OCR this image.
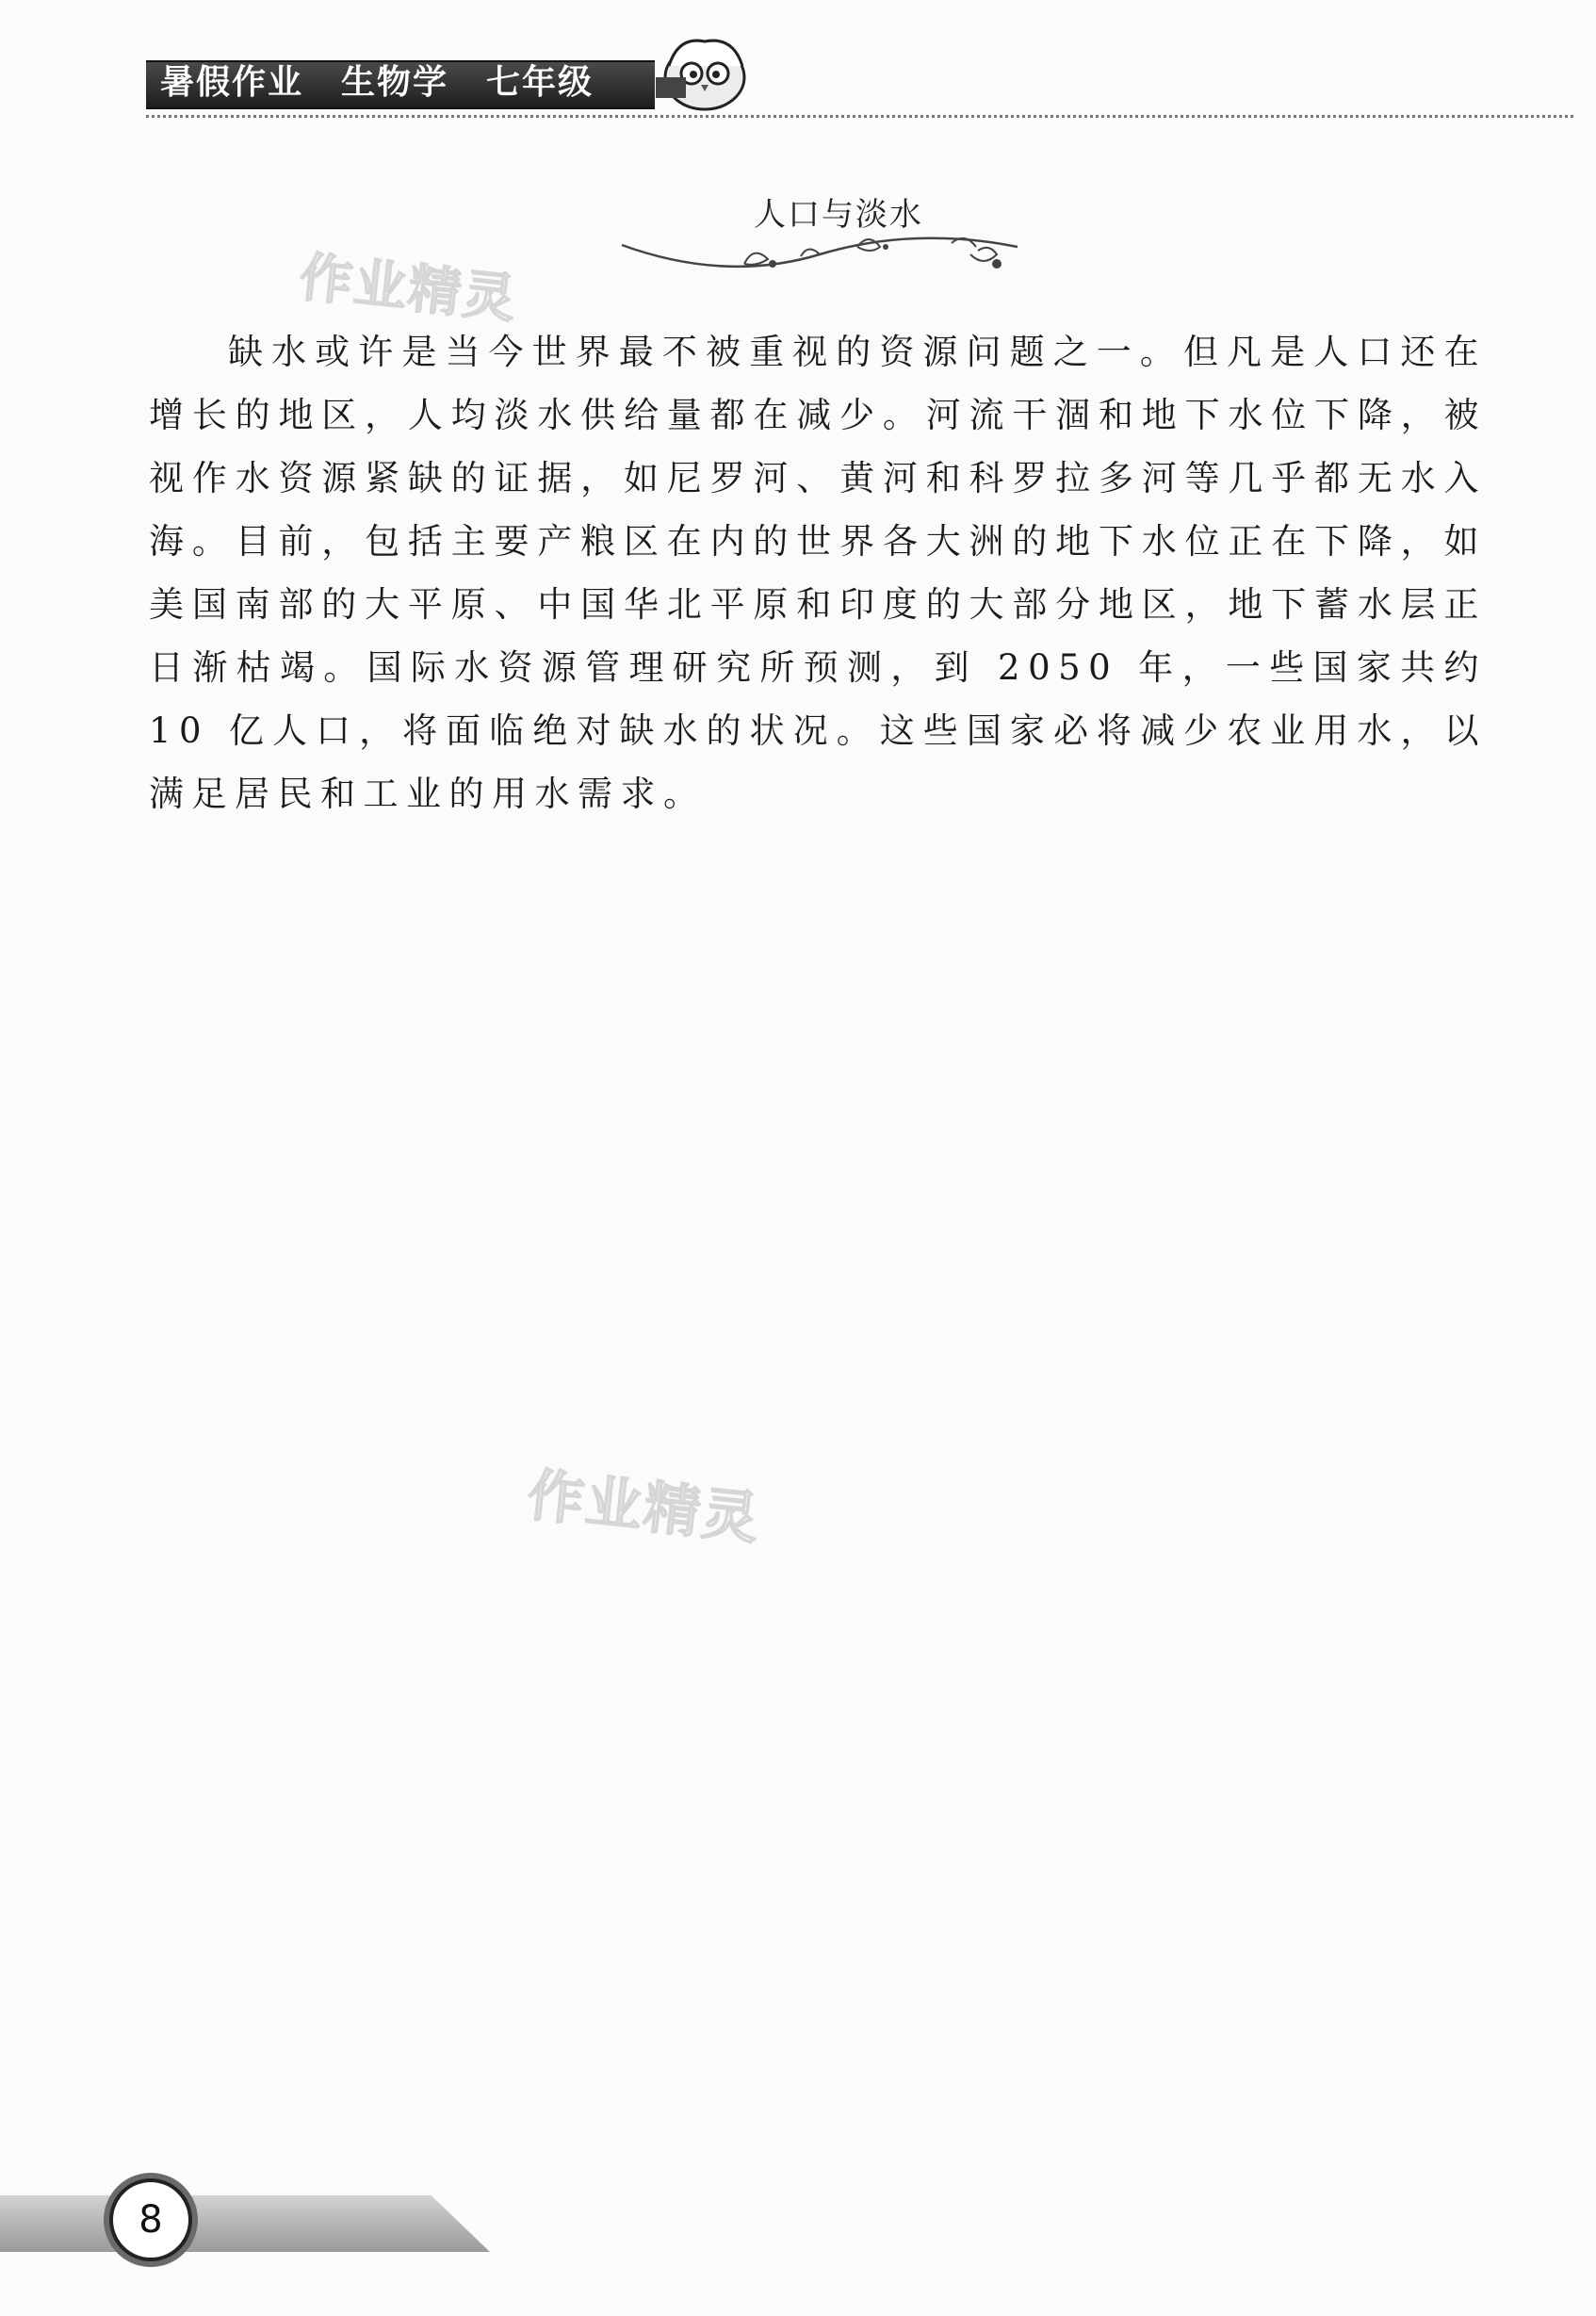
暑假作业 生物学 七年级
人口与淡水
作业精灵
作业精灵

缺水或许是当今世界最不被重视的资源问题之一。但凡是人口还在增长的地区，人均淡水供给量都在减少。河流干涸和地下水位下降，被视作水资源紧缺的证据，如尼罗河、黄河和科罗拉多河等几乎都无水入海。目前，包括主要产粮区在内的世界各大洲的地下水位正在下降，如美国南部的大平原、中国华北平原和印度的大部分地区，地下蓄水层正日渐枯竭。国际水资源管理研究所预测，到 2050 年，一些国家共约 10 亿人口，将面临绝对缺水的状况。这些国家必将减少农业用水，以满足居民和工业的用水需求。

8
